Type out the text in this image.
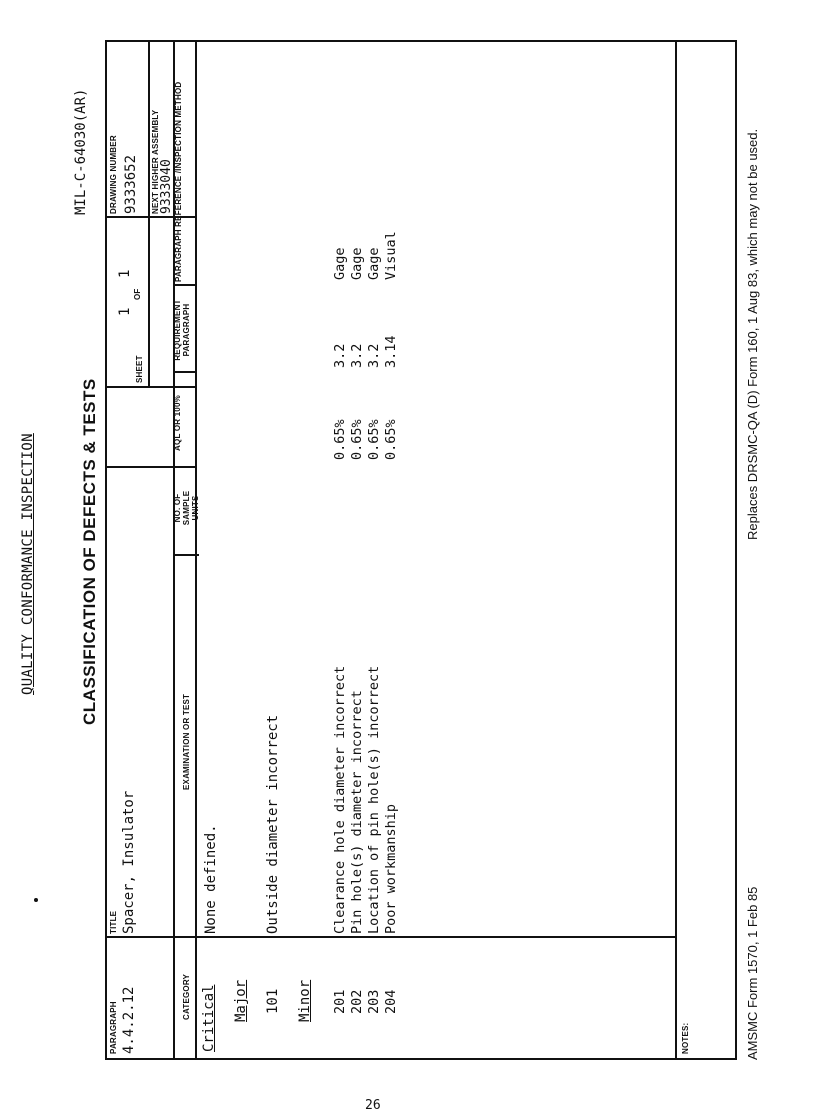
QUALITY CONFORMANCE INSPECTION	CLASSIFICATION OF DEFECTS & TESTS
MIL-C-64030(AR)
PARAGRAPH 4.4.2.12
TITLE Spacer, Insulator
SHEET
1
OF
1
DRAWING NUMBER 9333652 NEXT HIGHER ASSEMBLY 9333040
CATEGORY
EXAMINATION OR TEST
NO. OF SAMPLE UNITS
AQL OR 100%
REQUIREMENT PARAGRAPH
PARAGRAPH REFERENCE /INSPECTION METHOD
Critical
None defined.
Major 101
Outside diameter incorrect
Minor 201 202 203 204
Clearance hole diameter incorrect Pin hole(s) diameter incorrect Location of pin hole(s) incorrect Poor workmanship
0.65% 0.65% 0.65% 0.65%
3.2 3.2 3.2 3.14
Gage Gage Gage Visual
NOTES:	AMSMC Form 1570, 1 Feb 85
Replaces DRSMC-QA (D) Form 160, 1 Aug 83, which may not be used.
26
